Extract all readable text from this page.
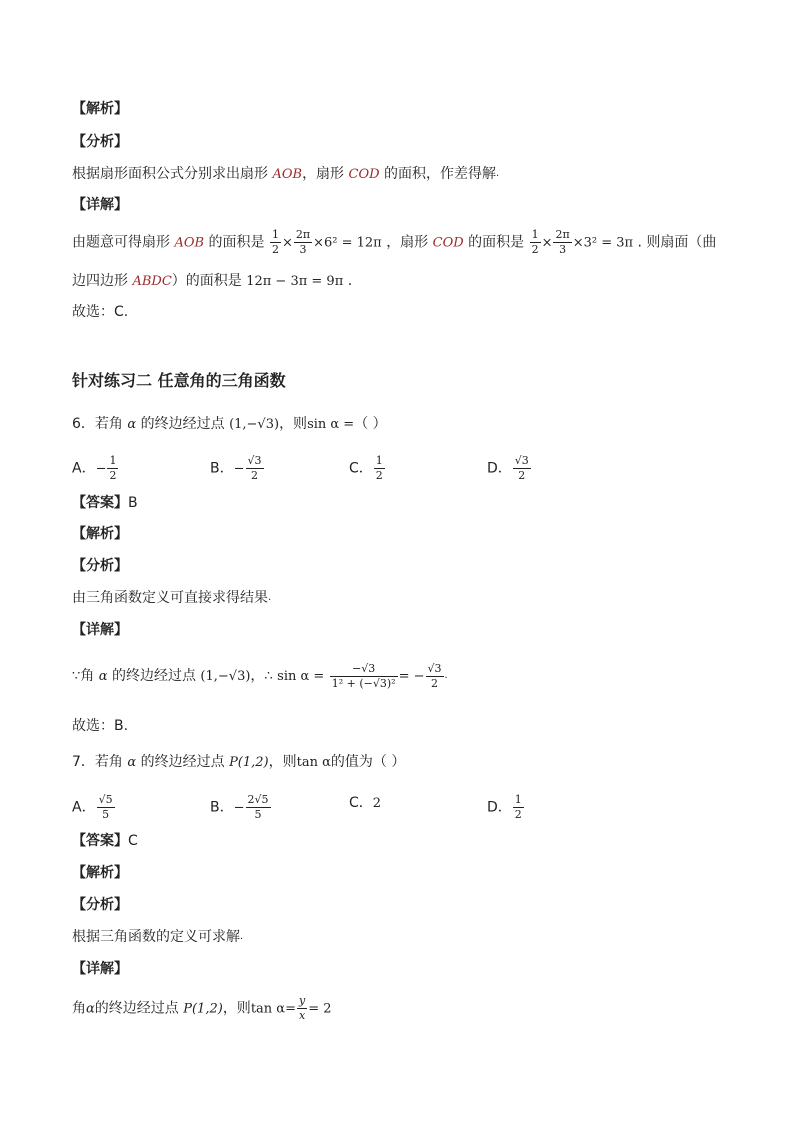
【解析】
【分析】
根据扇形面积公式分别求出扇形 AOB，扇形 COD 的面积，作差得解.
【详解】
由题意可得扇形 AOB 的面积是 $\frac{1}{2} \times \frac{2\pi}{3} \times 6^2 = 12\pi$ ，扇形 COD 的面积是 $\frac{1}{2} \times \frac{2\pi}{3} \times 3^2 = 3\pi$ . 则扇面（曲
边四边形 ABDC）的面积是 12π − 3π = 9π .
故选：C.
针对练习二 任意角的三角函数
6．若角 α 的终边经过点 (1,−√3)，则sin α =（ ）
A．− $\frac{1}{2}$	B．− $\frac{√3}{2}$	C． $\frac{1}{2}$	D． $\frac{√3}{2}$
【答案】B
【解析】
【分析】
由三角函数定义可直接求得结果.
【详解】
∵角 α 的终边经过点 (1,−√3)，∴ $\sin \alpha = \frac{-√3}{\text{1² + (−√3)²}}$ = − $\frac{√3}{2}$ .
故选：B.
7．若角 α 的终边经过点 P(1,2)，则tan α的值为（ ）
A． $\frac{√5}{5}$	B．− $\frac{2√5}{5}$	C．2	D． $\frac{1}{2}$
【答案】C
【解析】
【分析】
根据三角函数的定义可求解.
【详解】
角α的终边经过点 P(1,2)，则$\tan \alpha= \frac{y}{x} = 2$
